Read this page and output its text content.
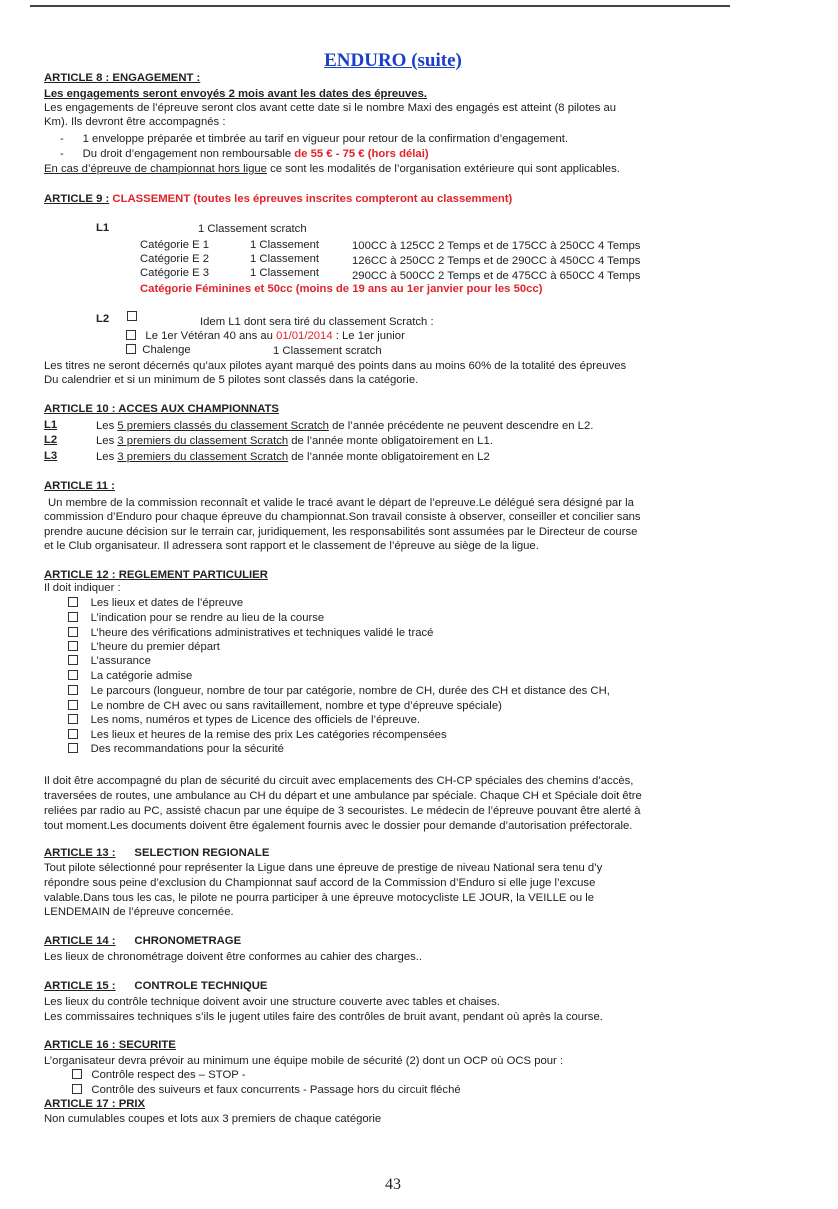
ENDURO (suite)
ARTICLE 8 : ENGAGEMENT :
Les engagements seront envoyés 2 mois avant les dates des épreuves.
Les engagements de l’épreuve seront clos avant cette date si le nombre Maxi des engagés est atteint (8 pilotes au
Km). Ils devront être accompagnés :
-      1 enveloppe préparée et timbrée au tarif en vigueur pour retour de la confirmation d’engagement.
-      Du droit d’engagement non remboursable de 55 € - 75 € (hors délai)
En cas d’épreuve de championnat hors ligue ce sont les modalités de l’organisation extérieure qui sont applicables.
ARTICLE 9 : CLASSEMENT (toutes les épreuves inscrites compteront au classemment)
L1	1 Classement scratch
Catégorie E 1	1 Classement	100CC à 125CC 2 Temps et de 175CC à 250CC 4 Temps
Catégorie E 2	1 Classement	126CC à 250CC 2 Temps et de 290CC à 450CC 4 Temps
Catégorie E 3	1 Classement	290CC à 500CC 2 Temps et de 475CC à 650CC 4 Temps
Catégorie Féminines et 50cc (moins de 19 ans au 1er janvier pour les 50cc)
L2	Idem L1 dont sera tiré du classement Scratch :
Le 1er Vétéran 40 ans au 01/01/2014 : Le 1er junior
Chalenge	1 Classement scratch
Les titres ne seront décernés qu’aux pilotes ayant marqué des points dans au moins 60% de la totalité des épreuves
Du calendrier et si un minimum de 5 pilotes sont classés dans la catégorie.
ARTICLE 10 : ACCES AUX CHAMPIONNATS
L1	Les 5 premiers classés du classement Scratch de l’année précédente ne peuvent descendre en L2.
L2	Les 3 premiers du classement Scratch de l’année monte obligatoirement en L1.
L3	Les 3 premiers du classement Scratch de l’année monte obligatoirement en L2
ARTICLE 11 :
Un membre de la commission reconnaît et valide le tracé avant le départ de l’epreuve.Le délégué sera désigné par la
commission d’Enduro pour chaque épreuve du championnat.Son travail consiste à observer, conseiller et concilier sans
prendre aucune décision sur le terrain car, juridiquement, les responsabilités sont assumées par le Directeur de course
et le Club organisateur. Il adressera sont rapport et le classement de l’épreuve au siège de la ligue.
ARTICLE 12 : REGLEMENT PARTICULIER
Il doit indiquer :
Les lieux et dates de l’épreuve
L’indication pour se rendre au lieu de la course
L’heure des vérifications administratives et techniques validé le tracé
L’heure du premier départ
L’assurance
La catégorie admise
Le parcours (longueur, nombre de tour par catégorie, nombre de CH, durée des CH et distance des CH,
Le nombre de CH avec ou sans ravitaillement, nombre et type d’épreuve spéciale)
Les noms, numéros et types de Licence des officiels de l’épreuve.
Les lieux et heures de la remise des prix Les catégories récompensées
Des recommandations pour la sécurité
Il doit être accompagné du plan de sécurité du circuit avec emplacements des CH-CP spéciales des chemins d’accès,
traversées de routes, une ambulance au CH du départ et une ambulance par spéciale. Chaque CH et Spéciale doit être
reliées par radio au PC, assisté chacun par une équipe de 3 secouristes. Le médecin de l’épreuve pouvant être alerté à
tout moment.Les documents doivent être également fournis avec le dossier pour demande d’autorisation préfectorale.
ARTICLE 13 : SELECTION REGIONALE
Tout pilote sélectionné pour représenter la Ligue dans une épreuve de prestige de niveau National sera tenu d’y
répondre sous peine d’exclusion du Championnat sauf accord de la Commission d’Enduro si elle juge l’excuse
valable.Dans tous les cas, le pilote ne pourra participer à une épreuve motocycliste LE JOUR, la VEILLE ou le
LENDEMAIN de l’épreuve concernée.
ARTICLE 14 : CHRONOMETRAGE
Les lieux de chronométrage doivent être conformes au cahier des charges..
ARTICLE 15 : CONTROLE TECHNIQUE
Les lieux du contrôle technique doivent avoir une structure couverte avec tables et chaises.
Les commissaires techniques s’ils le jugent utiles faire des contrôles de bruit avant, pendant où après la course.
ARTICLE 16 : SECURITE
L’organisateur devra prévoir au minimum une équipe mobile de sécurité (2) dont un OCP où OCS pour :
Contrôle respect des – STOP -
Contrôle des suiveurs et faux concurrents - Passage hors du circuit fléché
ARTICLE 17 : PRIX
Non cumulables coupes et lots aux 3 premiers de chaque catégorie
43
